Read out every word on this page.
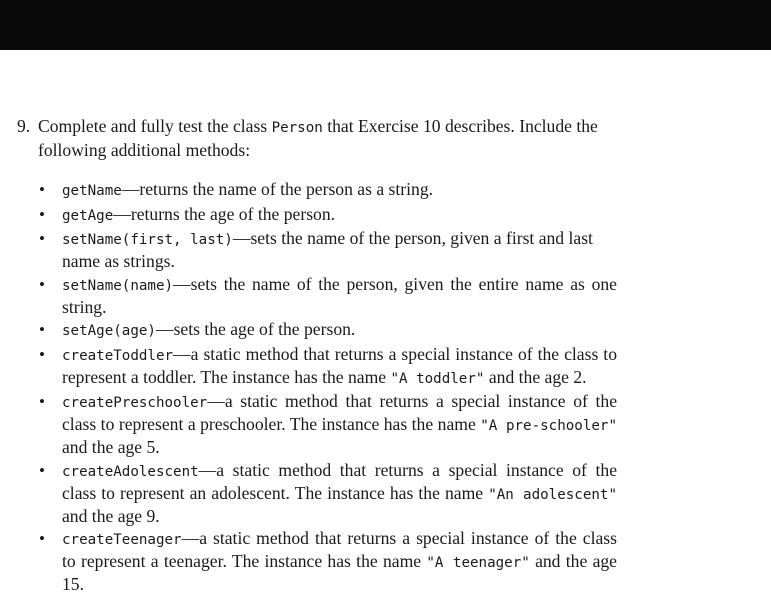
9. Complete and fully test the class Person that Exercise 10 describes. Include the following additional methods:
• getName—returns the name of the person as a string.
• getAge—returns the age of the person.
• setName(first, last)—sets the name of the person, given a first and last name as strings.
• setName(name)—sets the name of the person, given the entire name as one string.
• setAge(age)—sets the age of the person.
• createToddler—a static method that returns a special instance of the class to represent a toddler. The instance has the name "A toddler" and the age 2.
• createPreschooler—a static method that returns a special instance of the class to represent a preschooler. The instance has the name "A pre-schooler" and the age 5.
• createAdolescent—a static method that returns a special instance of the class to represent an adolescent. The instance has the name "An adolescent" and the age 9.
• createTeenager—a static method that returns a special instance of the class to represent a teenager. The instance has the name "A teenager" and the age 15.
